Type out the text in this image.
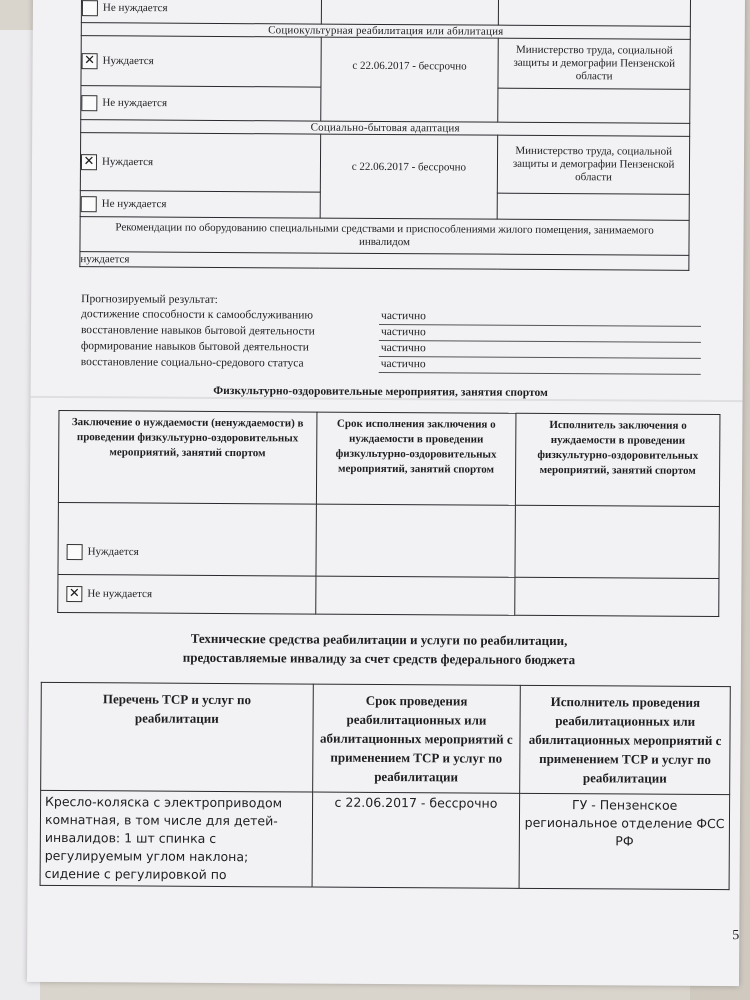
Не нуждается		
Социокультурная реабилитация или абилитация		
✕ Нуждается	с 22.06.2017 - бессрочно	Министерство труда, социальной защиты и демографии Пензенской области
Не нуждается		
Социально-бытовая адаптация		
✕ Нуждается	с 22.06.2017 - бессрочно	Министерство труда, социальной защиты и демографии Пензенской области
Не нуждается		
Рекомендации по оборудованию специальными средствами и приспособлениями жилого помещения, занимаемого инвалидом		
нуждается		
Прогнозируемый результат:
достижение способности к самообслуживанию	частично
восстановление навыков бытовой деятельности	частично
формирование навыков бытовой деятельности	частично
восстановление социально-средового статуса	частично
Физкультурно-оздоровительные мероприятия, занятия спортом
Заключение о нуждаемости (ненуждаемости) в проведении физкультурно-оздоровительных мероприятий, занятий спортом	Срок исполнения заключения о нуждаемости в проведении физкультурно-оздоровительных мероприятий, занятий спортом	Исполнитель заключения о нуждаемости в проведении физкультурно-оздоровительных мероприятий, занятий спортом
Нуждается		
✕ Не нуждается		
Технические средства реабилитации и услуги по реабилитации,
предоставляемые инвалиду за счет средств федерального бюджета
Перечень ТСР и услуг по реабилитации	Срок проведения реабилитационных или абилитационных мероприятий с применением ТСР и услуг по реабилитации	Исполнитель проведения реабилитационных или абилитационных мероприятий с применением ТСР и услуг по реабилитации
Кресло-коляска с электроприводом комнатная, в том числе для детей-инвалидов: 1 шт спинка с регулируемым углом наклона; сидение с регулировкой по	с 22.06.2017 - бессрочно	ГУ - Пензенское региональное отделение ФСС РФ
5
